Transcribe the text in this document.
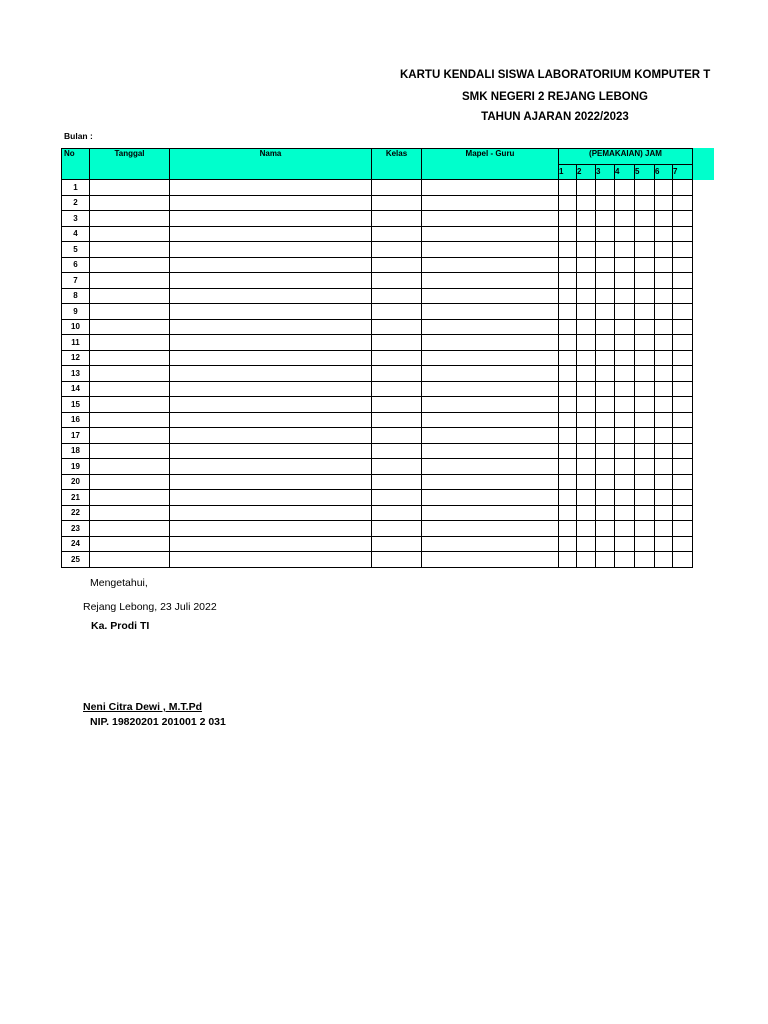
KARTU KENDALI SISWA LABORATORIUM KOMPUTER T
SMK NEGERI 2 REJANG LEBONG
TAHUN AJARAN 2022/2023
Bulan :
No	Tanggal	Nama	Kelas	Mapel - Guru	(PEMAKAIAN) JAM						
					1	2	3	4	5	6	7
1											
2											
3											
4											
5											
6											
7											
8											
9											
10											
11											
12											
13											
14											
15											
16											
17											
18											
19											
20											
21											
22											
23											
24											
25											
Mengetahui,
Rejang Lebong, 23 Juli 2022
Ka. Prodi TI
Neni Citra Dewi , M.T.Pd
NIP. 19820201 201001 2 031
